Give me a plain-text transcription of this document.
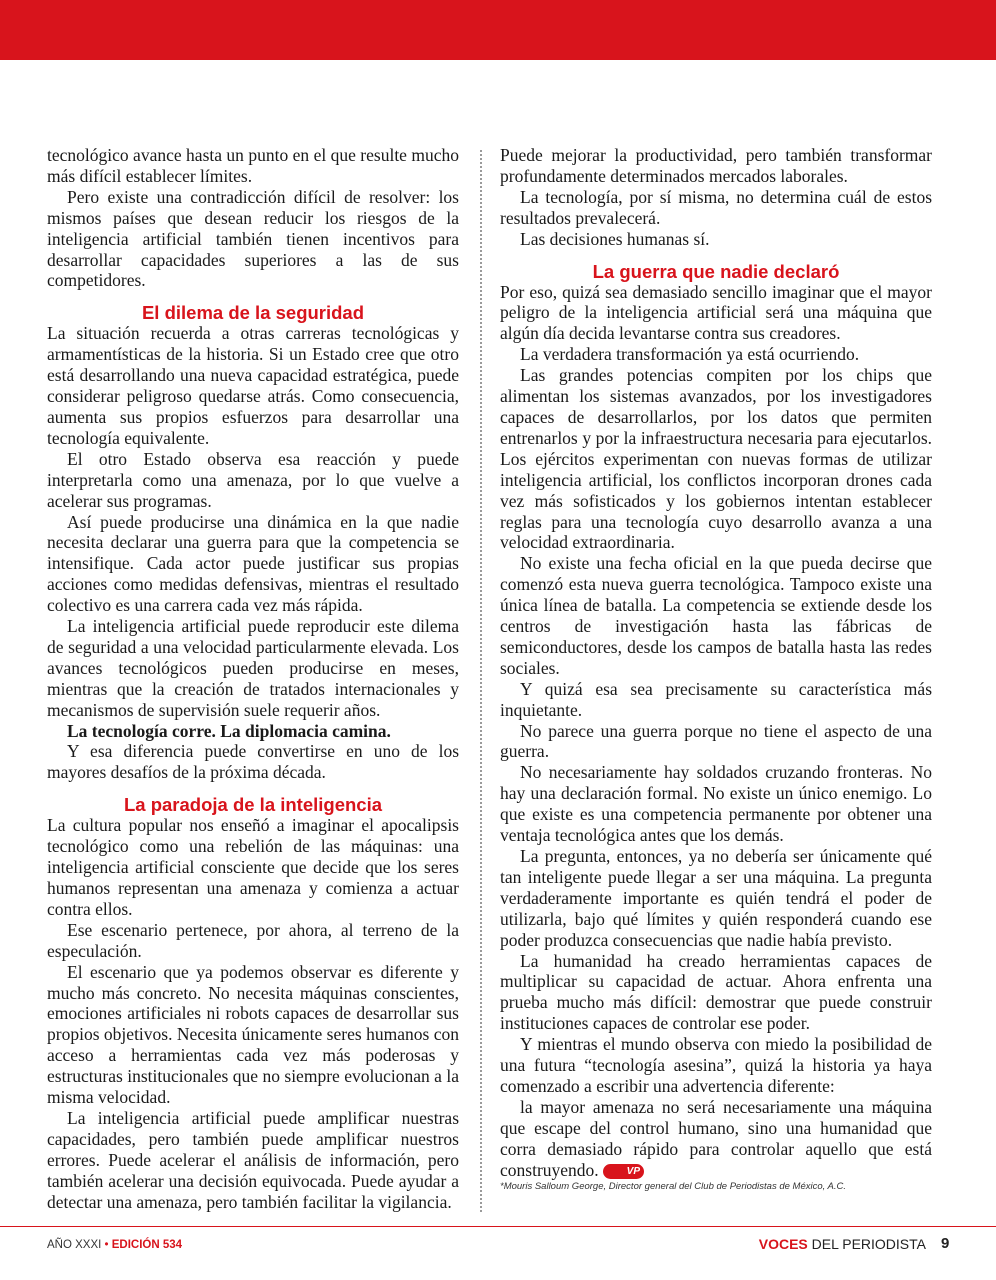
tecnológico avance hasta un punto en el que resulte mucho más difícil establecer límites.

Pero existe una contradicción difícil de resolver: los mismos países que desean reducir los riesgos de la inteligencia artificial también tienen incentivos para desarrollar capacidades superiores a las de sus competidores.

El dilema de la seguridad

La situación recuerda a otras carreras tecnológicas y armamentísticas de la historia. Si un Estado cree que otro está desarrollando una nueva capacidad estratégica, puede considerar peligroso quedarse atrás. Como consecuencia, aumenta sus propios esfuerzos para desarrollar una tecnología equivalente.

El otro Estado observa esa reacción y puede interpretarla como una amenaza, por lo que vuelve a acelerar sus programas.

Así puede producirse una dinámica en la que nadie necesita declarar una guerra para que la competencia se intensifique. Cada actor puede justificar sus propias acciones como medidas defensivas, mientras el resultado colectivo es una carrera cada vez más rápida.

La inteligencia artificial puede reproducir este dilema de seguridad a una velocidad particularmente elevada. Los avances tecnológicos pueden producirse en meses, mientras que la creación de tratados internacionales y mecanismos de supervisión suele requerir años.

La tecnología corre. La diplomacia camina.

Y esa diferencia puede convertirse en uno de los mayores desafíos de la próxima década.

La paradoja de la inteligencia

La cultura popular nos enseñó a imaginar el apocalipsis tecnológico como una rebelión de las máquinas: una inteligencia artificial consciente que decide que los seres humanos representan una amenaza y comienza a actuar contra ellos.

Ese escenario pertenece, por ahora, al terreno de la especulación.

El escenario que ya podemos observar es diferente y mucho más concreto. No necesita máquinas conscientes, emociones artificiales ni robots capaces de desarrollar sus propios objetivos. Necesita únicamente seres humanos con acceso a herramientas cada vez más poderosas y estructuras institucionales que no siempre evolucionan a la misma velocidad.

La inteligencia artificial puede amplificar nuestras capacidades, pero también puede amplificar nuestros errores. Puede acelerar el análisis de información, pero también acelerar una decisión equivocada. Puede ayudar a detectar una amenaza, pero también facilitar la vigilancia.

Puede mejorar la productividad, pero también transformar profundamente determinados mercados laborales.

La tecnología, por sí misma, no determina cuál de estos resultados prevalecerá.

Las decisiones humanas sí.

La guerra que nadie declaró

Por eso, quizá sea demasiado sencillo imaginar que el mayor peligro de la inteligencia artificial será una máquina que algún día decida levantarse contra sus creadores.

La verdadera transformación ya está ocurriendo.

Las grandes potencias compiten por los chips que alimentan los sistemas avanzados, por los investigadores capaces de desarrollarlos, por los datos que permiten entrenarlos y por la infraestructura necesaria para ejecutarlos. Los ejércitos experimentan con nuevas formas de utilizar inteligencia artificial, los conflictos incorporan drones cada vez más sofisticados y los gobiernos intentan establecer reglas para una tecnología cuyo desarrollo avanza a una velocidad extraordinaria.

No existe una fecha oficial en la que pueda decirse que comenzó esta nueva guerra tecnológica. Tampoco existe una única línea de batalla. La competencia se extiende desde los centros de investigación hasta las fábricas de semiconductores, desde los campos de batalla hasta las redes sociales.

Y quizá esa sea precisamente su característica más inquietante.

No parece una guerra porque no tiene el aspecto de una guerra.

No necesariamente hay soldados cruzando fronteras. No hay una declaración formal. No existe un único enemigo. Lo que existe es una competencia permanente por obtener una ventaja tecnológica antes que los demás.

La pregunta, entonces, ya no debería ser únicamente qué tan inteligente puede llegar a ser una máquina. La pregunta verdaderamente importante es quién tendrá el poder de utilizarla, bajo qué límites y quién responderá cuando ese poder produzca consecuencias que nadie había previsto.

La humanidad ha creado herramientas capaces de multiplicar su capacidad de actuar. Ahora enfrenta una prueba mucho más difícil: demostrar que puede construir instituciones capaces de controlar ese poder.

Y mientras el mundo observa con miedo la posibilidad de una futura “tecnología asesina”, quizá la historia ya haya comenzado a escribir una advertencia diferente:

la mayor amenaza no será necesariamente una máquina que escape del control humano, sino una humanidad que corra demasiado rápido para controlar aquello que está construyendo.	VP

*Mouris Salloum George, Director general del Club de Periodistas de México, A.C.

AÑO XXXI • EDICIÓN 534	VOCES DEL PERIODISTA 9
